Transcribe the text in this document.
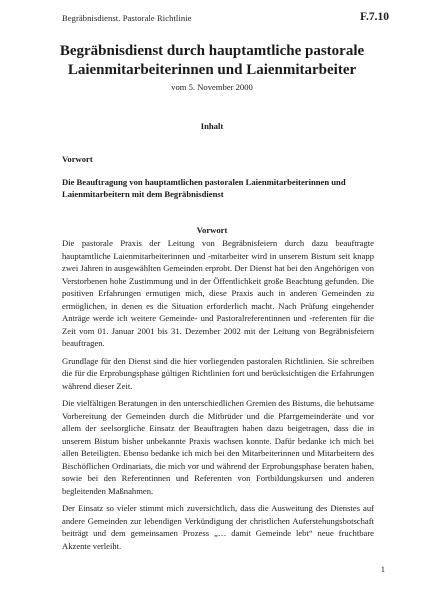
Begräbnisdienst. Pastorale Richtlinie	F.7.10
Begräbnisdienst durch hauptamtliche pastorale
Laienmitarbeiterinnen und Laienmitarbeiter
vom 5. November 2000
Inhalt
Vorwort
Die Beauftragung von hauptamtlichen pastoralen Laienmitarbeiterinnen und Laienmitarbeitern mit dem Begräbnisdienst
Vorwort

Die pastorale Praxis der Leitung von Begräbnisfeiern durch dazu beauftragte hauptamtliche Laienmitarbeiterinnen und -mitarbeiter wird in unserem Bistum seit knapp zwei Jahren in ausgewählten Gemeinden erprobt. Der Dienst hat bei den Angehörigen von Verstorbenen hohe Zustimmung und in der Öffentlichkeit große Beachtung gefunden. Die positiven Erfahrungen ermutigen mich, diese Praxis auch in anderen Gemeinden zu ermöglichen, in denen es die Situation erforderlich macht. Nach Prüfung eingehender Anträge werde ich weitere Gemeinde- und Pastoralreferentinnen und -referenten für die Zeit vom 01. Januar 2001 bis 31. Dezember 2002 mit der Leitung von Begräbnisfeiern beauftragen.

Grundlage für den Dienst sind die hier vorliegenden pastoralen Richtlinien. Sie schreiben die für die Erprobungsphase gültigen Richtlinien fort und berücksichtigen die Erfahrungen während dieser Zeit.

Die vielfältigen Beratungen in den unterschiedlichen Gremien des Bistums, die behutsame Vorbereitung der Gemeinden durch die Mitbrüder und die Pfarrgemeinderäte und vor allem der seelsorgliche Einsatz der Beauftragten haben dazu beigetragen, dass die in unserem Bistum bisher unbekannte Praxis wachsen konnte. Dafür bedanke ich mich bei allen Beteiligten. Ebenso bedanke ich mich bei den Mitarbeiterinnen und Mitarbeitern des Bischöflichen Ordinariats, die mich vor und während der Erprobungsphase beraten haben, sowie bei den Referentinnen und Referenten von Fortbildungskursen und anderen begleitenden Maßnahmen.

Der Einsatz so vieler stimmt mich zuversichtlich, dass die Ausweitung des Dienstes auf andere Gemeinden zur lebendigen Verkündigung der christlichen Auferstehungsbotschaft beiträgt und dem gemeinsamen Prozess „… damit Gemeinde lebt“ neue fruchtbare Akzente verleiht.

1
